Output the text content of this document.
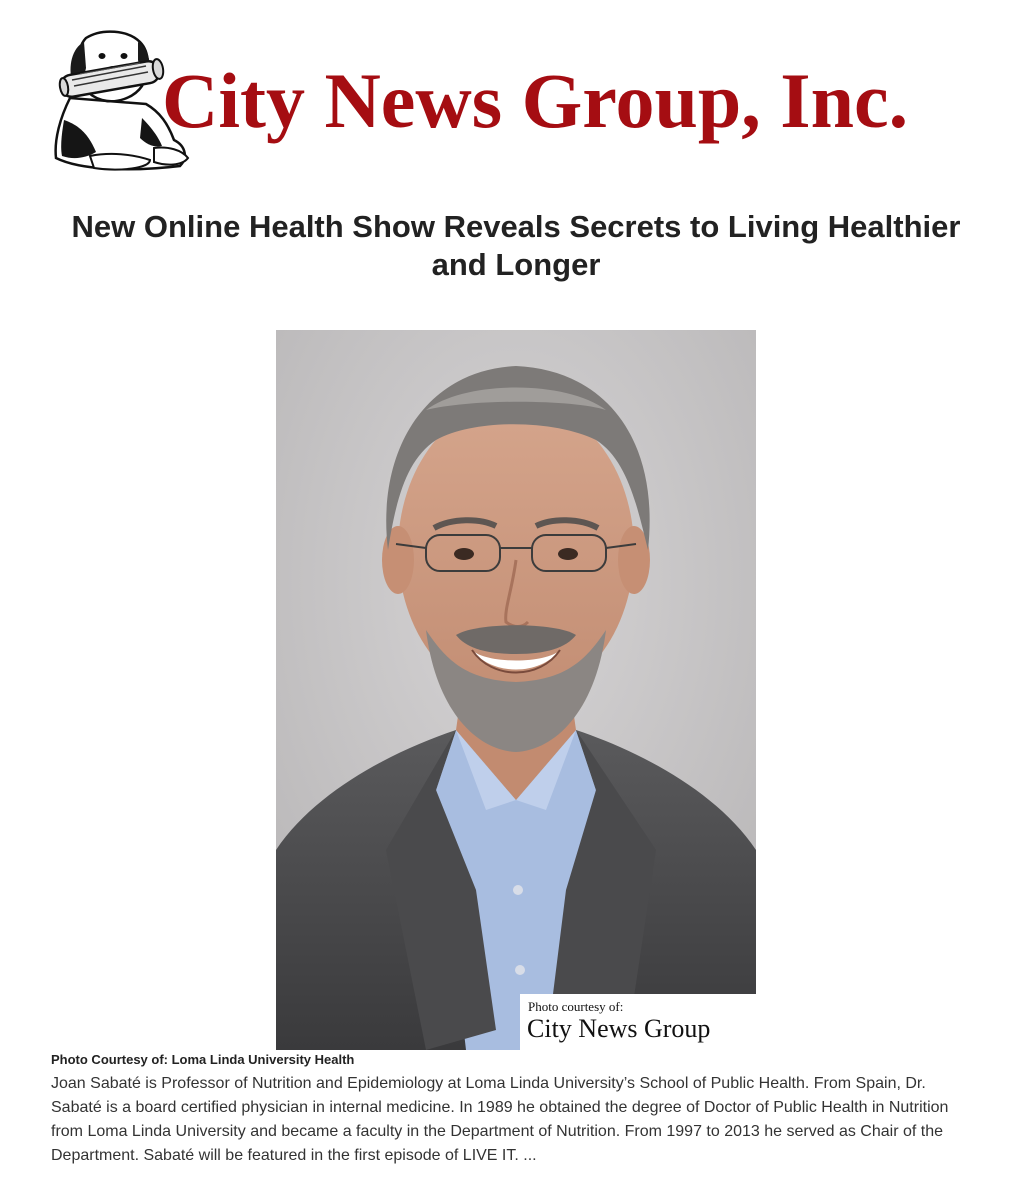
City News Group, Inc.
New Online Health Show Reveals Secrets to Living Healthier and Longer
Photo courtesy of:
City News Group
Photo Courtesy of: Loma Linda University Health

Joan Sabaté is Professor of Nutrition and Epidemiology at Loma Linda University’s School of Public Health. From Spain, Dr. Sabaté is a board certified physician in internal medicine. In 1989 he obtained the degree of Doctor of Public Health in Nutrition from Loma Linda University and became a faculty in the Department of Nutrition. From 1997 to 2013 he served as Chair of the Department. Sabaté will be featured in the first episode of LIVE IT. ...
